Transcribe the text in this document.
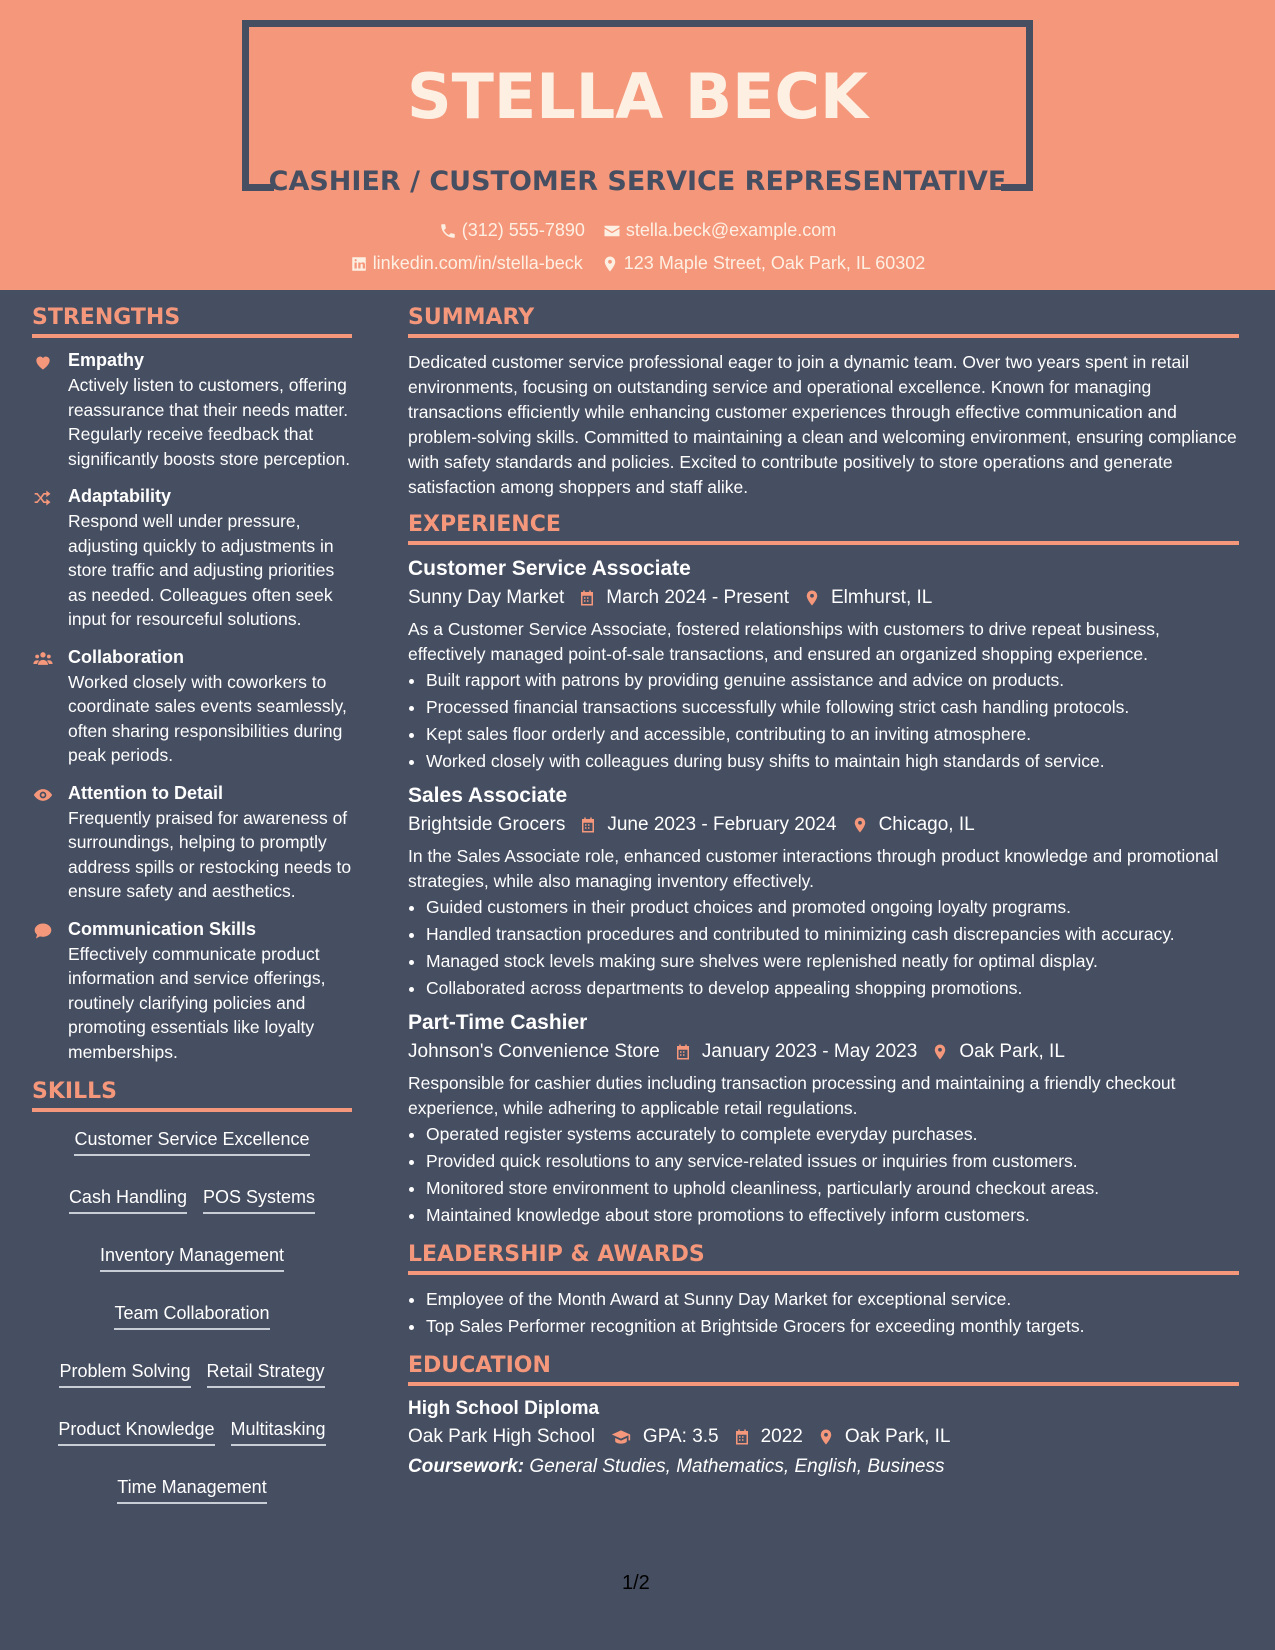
STELLA BECK
CASHIER / CUSTOMER SERVICE REPRESENTATIVE
(312) 555-7890 stella.beck@example.com
linkedin.com/in/stella-beck 123 Maple Street, Oak Park, IL 60302
STRENGTHS
Empathy
Actively listen to customers, offering reassurance that their needs matter. Regularly receive feedback that significantly boosts store perception.
Adaptability
Respond well under pressure, adjusting quickly to adjustments in store traffic and adjusting priorities as needed. Colleagues often seek input for resourceful solutions.
Collaboration
Worked closely with coworkers to coordinate sales events seamlessly, often sharing responsibilities during peak periods.
Attention to Detail
Frequently praised for awareness of surroundings, helping to promptly address spills or restocking needs to ensure safety and aesthetics.
Communication Skills
Effectively communicate product information and service offerings, routinely clarifying policies and promoting essentials like loyalty memberships.
SKILLS
Customer Service Excellence
Cash Handling POS Systems
Inventory Management
Team Collaboration
Problem Solving Retail Strategy
Product Knowledge Multitasking
Time Management
SUMMARY
Dedicated customer service professional eager to join a dynamic team. Over two years spent in retail environments, focusing on outstanding service and operational excellence. Known for managing transactions efficiently while enhancing customer experiences through effective communication and problem-solving skills. Committed to maintaining a clean and welcoming environment, ensuring compliance with safety standards and policies. Excited to contribute positively to store operations and generate satisfaction among shoppers and staff alike.
EXPERIENCE
Customer Service Associate
Sunny Day Market March 2024 - Present Elmhurst, IL
As a Customer Service Associate, fostered relationships with customers to drive repeat business, effectively managed point-of-sale transactions, and ensured an organized shopping experience.
• Built rapport with patrons by providing genuine assistance and advice on products.
• Processed financial transactions successfully while following strict cash handling protocols.
• Kept sales floor orderly and accessible, contributing to an inviting atmosphere.
• Worked closely with colleagues during busy shifts to maintain high standards of service.
Sales Associate
Brightside Grocers June 2023 - February 2024 Chicago, IL
In the Sales Associate role, enhanced customer interactions through product knowledge and promotional strategies, while also managing inventory effectively.
• Guided customers in their product choices and promoted ongoing loyalty programs.
• Handled transaction procedures and contributed to minimizing cash discrepancies with accuracy.
• Managed stock levels making sure shelves were replenished neatly for optimal display.
• Collaborated across departments to develop appealing shopping promotions.
Part-Time Cashier
Johnson's Convenience Store January 2023 - May 2023 Oak Park, IL
Responsible for cashier duties including transaction processing and maintaining a friendly checkout experience, while adhering to applicable retail regulations.
• Operated register systems accurately to complete everyday purchases.
• Provided quick resolutions to any service-related issues or inquiries from customers.
• Monitored store environment to uphold cleanliness, particularly around checkout areas.
• Maintained knowledge about store promotions to effectively inform customers.
LEADERSHIP & AWARDS
• Employee of the Month Award at Sunny Day Market for exceptional service.
• Top Sales Performer recognition at Brightside Grocers for exceeding monthly targets.
EDUCATION
High School Diploma
Oak Park High School	GPA: 3.5 2022 Oak Park, IL
Coursework: General Studies, Mathematics, English, Business
1/2
